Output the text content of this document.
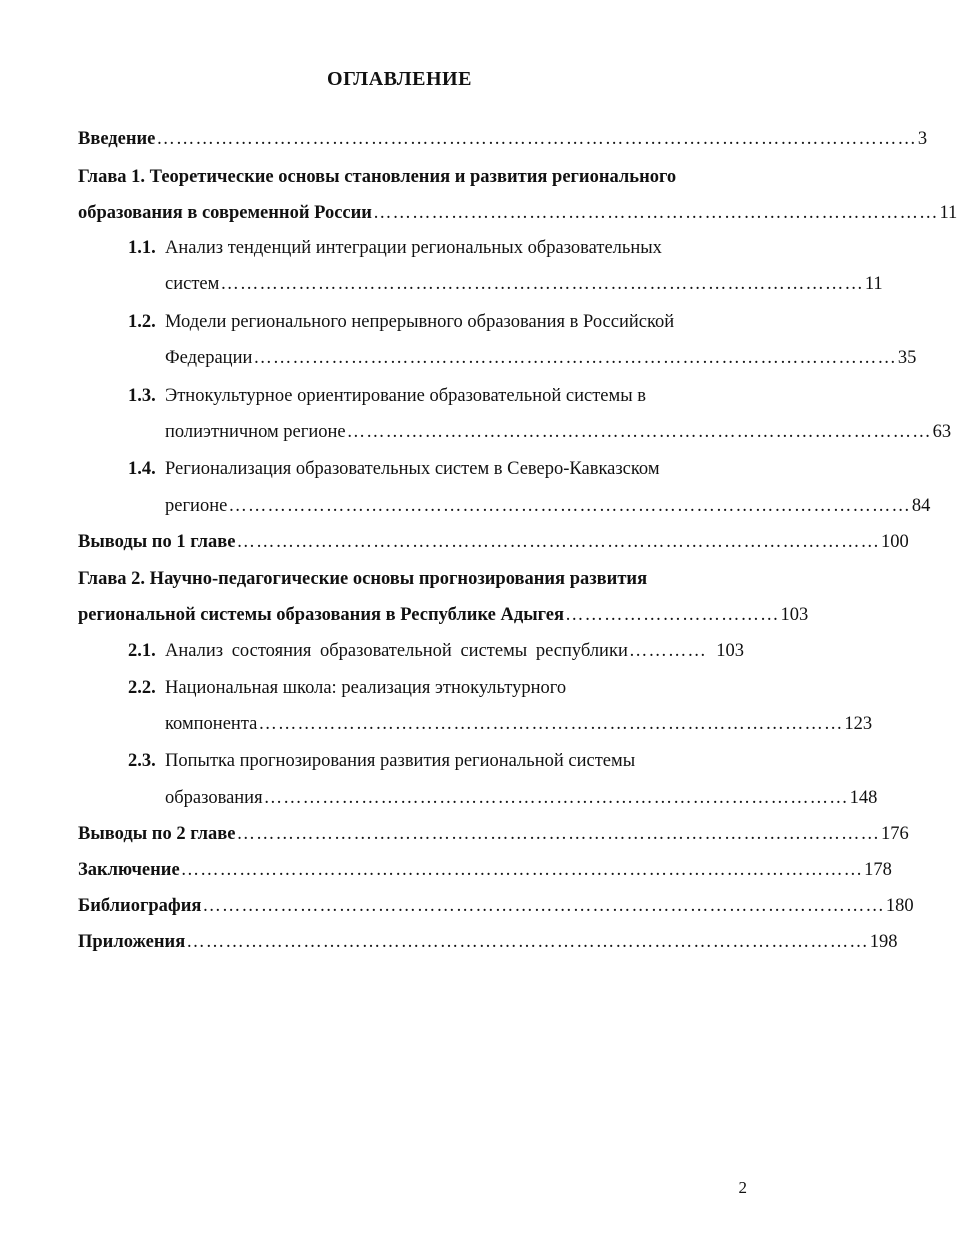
ОГЛАВЛЕНИЕ
Введение ……………………………………………………………………………………………………… 3
Глава 1. Теоретические основы становления и развития регионального
образования в современной России …………………………………………………………………………… 11
1.1. Анализ тенденций интеграции региональных образовательных
систем ……………………………………………………………………………………… 11
1.2. Модели регионального непрерывного образования в Российской
Федерации ……………………………………………………………………………………… 35
1.3. Этнокультурное ориентирование образовательной системы в
полиэтничном регионе ……………………………………………………………………………… 63
1.4. Регионализация образовательных систем в Северо-Кавказском
регионе …………………………………………………………………………………………… 84
Выводы по 1 главе ……………………………………………………………………………………… 100
Глава 2. Научно-педагогические основы прогнозирования развития
региональной системы образования в Республике Адыгея …………………………… 103
2.1. Анализ состояния образовательной системы республики ………… 103
2.2. Национальная школа: реализация этнокультурного
компонента ……………………………………………………………………………… 123
2.3. Попытка прогнозирования развития региональной системы
образования ……………………………………………………………………………… 148
Выводы по 2 главе ……………………………………………………………………………………… 176
Заключение …………………………………………………………………………………………… 178
Библиография …………………………………………………………………………………………… 180
Приложения …………………………………………………………………………………………… 198
2
